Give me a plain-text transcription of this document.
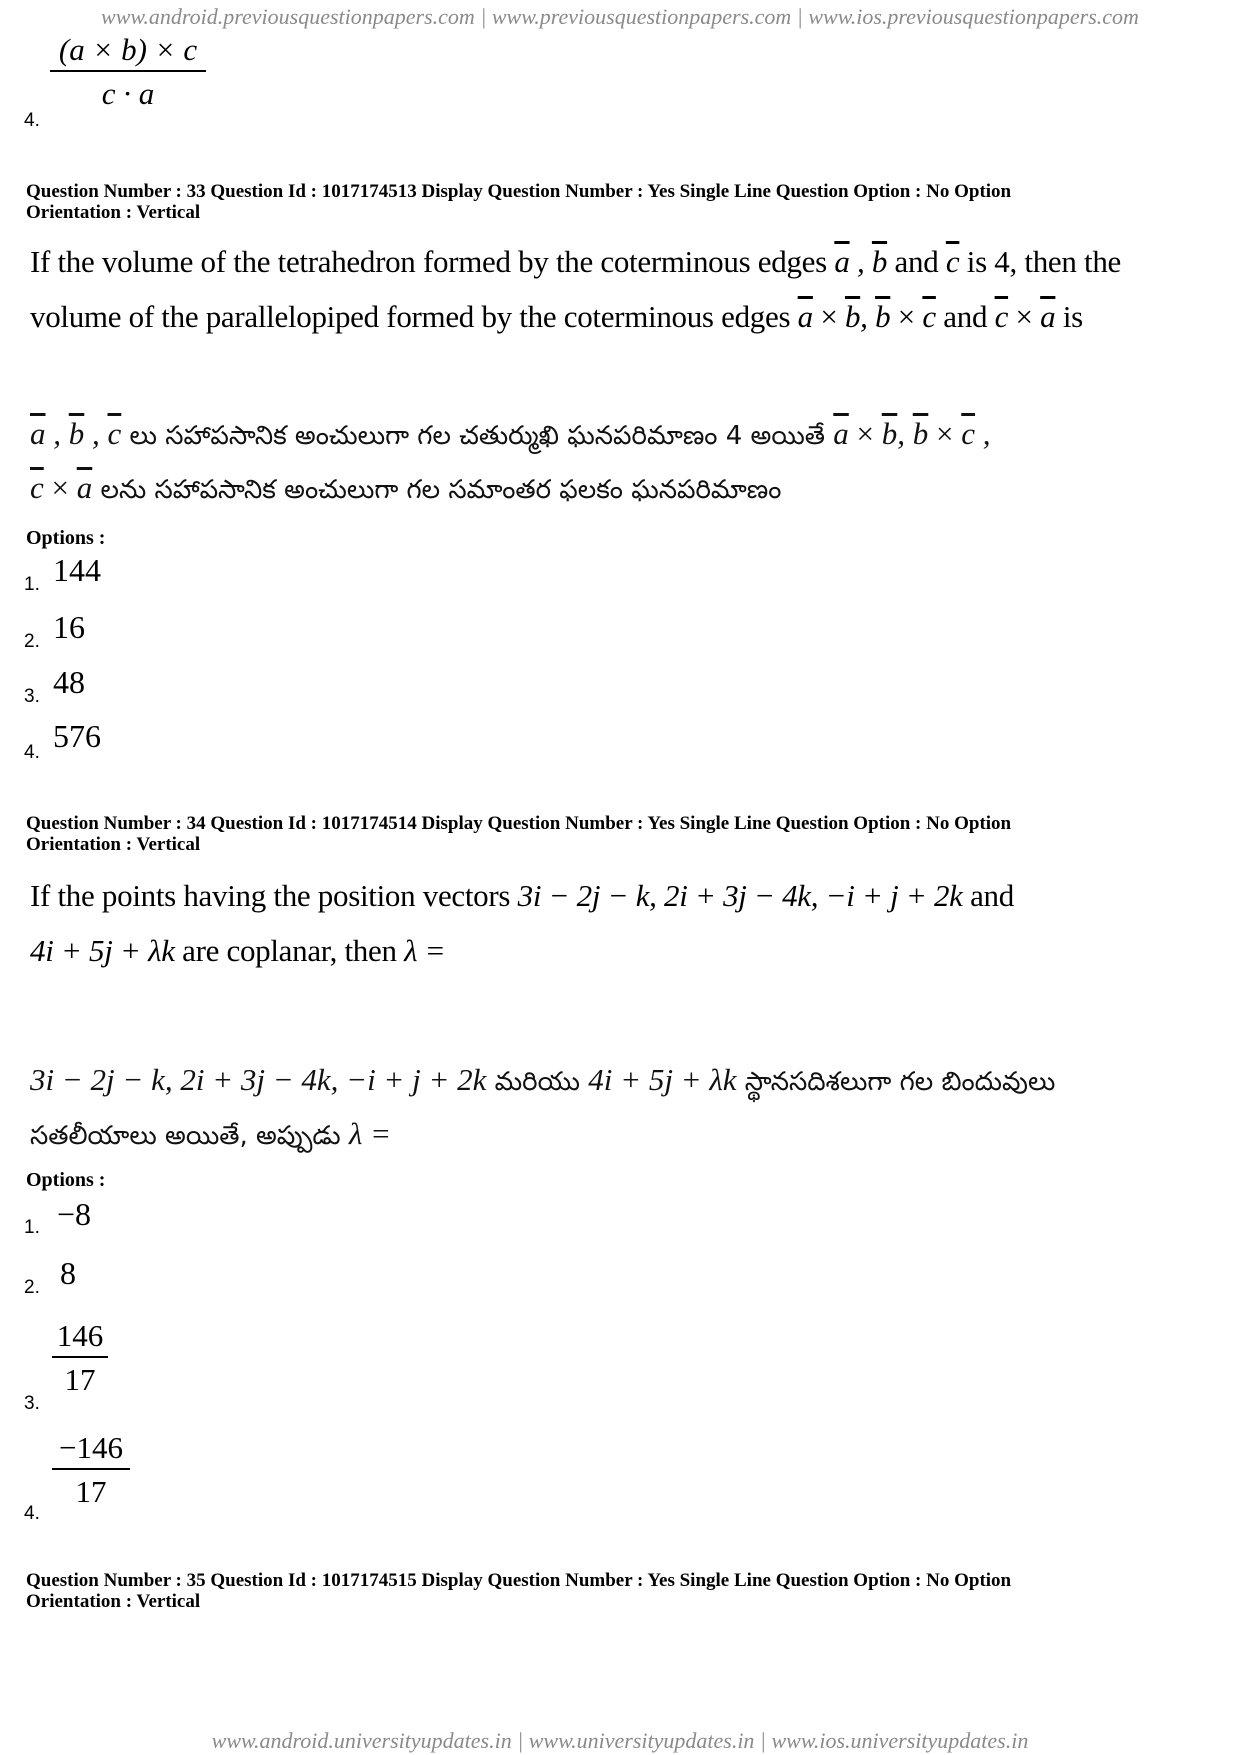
www.android.previousquestionpapers.com | www.previousquestionpapers.com | www.ios.previousquestionpapers.com
(a × b) × c
c · a
4.
Question Number : 33 Question Id : 1017174513 Display Question Number : Yes Single Line Question Option : No Option
Orientation : Vertical
If the volume of the tetrahedron formed by the coterminous edges $\overline{a}$ , $\overline{b}$ and $\overline{c}$ is 4, then the
volume of the parallelopiped formed by the coterminous edges $\overline{a} \times \overline{b}$, $\overline{b} \times \overline{c}$ and $\overline{c} \times \overline{a}$ is
$\overline{a}$ , $\overline{b}$ , $\overline{c}$ లు సహాపసానిక అంచులుగా గల చతుర్ముఖి ఘనపరిమాణం 4 అయితే $\overline{a} \times \overline{b}$, $\overline{b} \times \overline{c}$ ,
$\overline{c} \times \overline{a}$ లను సహాపసానిక అంచులుగా గల సమాంతర ఫలకం ఘనపరిమాణం
Options :
1. 144
2. 16
3. 48
4. 576
Question Number : 34 Question Id : 1017174514 Display Question Number : Yes Single Line Question Option : No Option
Orientation : Vertical
If the points having the position vectors 3i − 2j − k, 2i + 3j − 4k, −i + j + 2k and
4i + 5j + λk are coplanar, then λ =
3i − 2j − k, 2i + 3j − 4k, −i + j + 2k మరియు 4i + 5j + λk స్థానసదిశలుగా గల బిందువులు
సతలీయాలు అయితే, అప్పుడు λ =
Options :
1. −8
2. 8
146
17
3.
−146
17
4.
Question Number : 35 Question Id : 1017174515 Display Question Number : Yes Single Line Question Option : No Option
Orientation : Vertical
www.android.universityupdates.in | www.universityupdates.in | www.ios.universityupdates.in
